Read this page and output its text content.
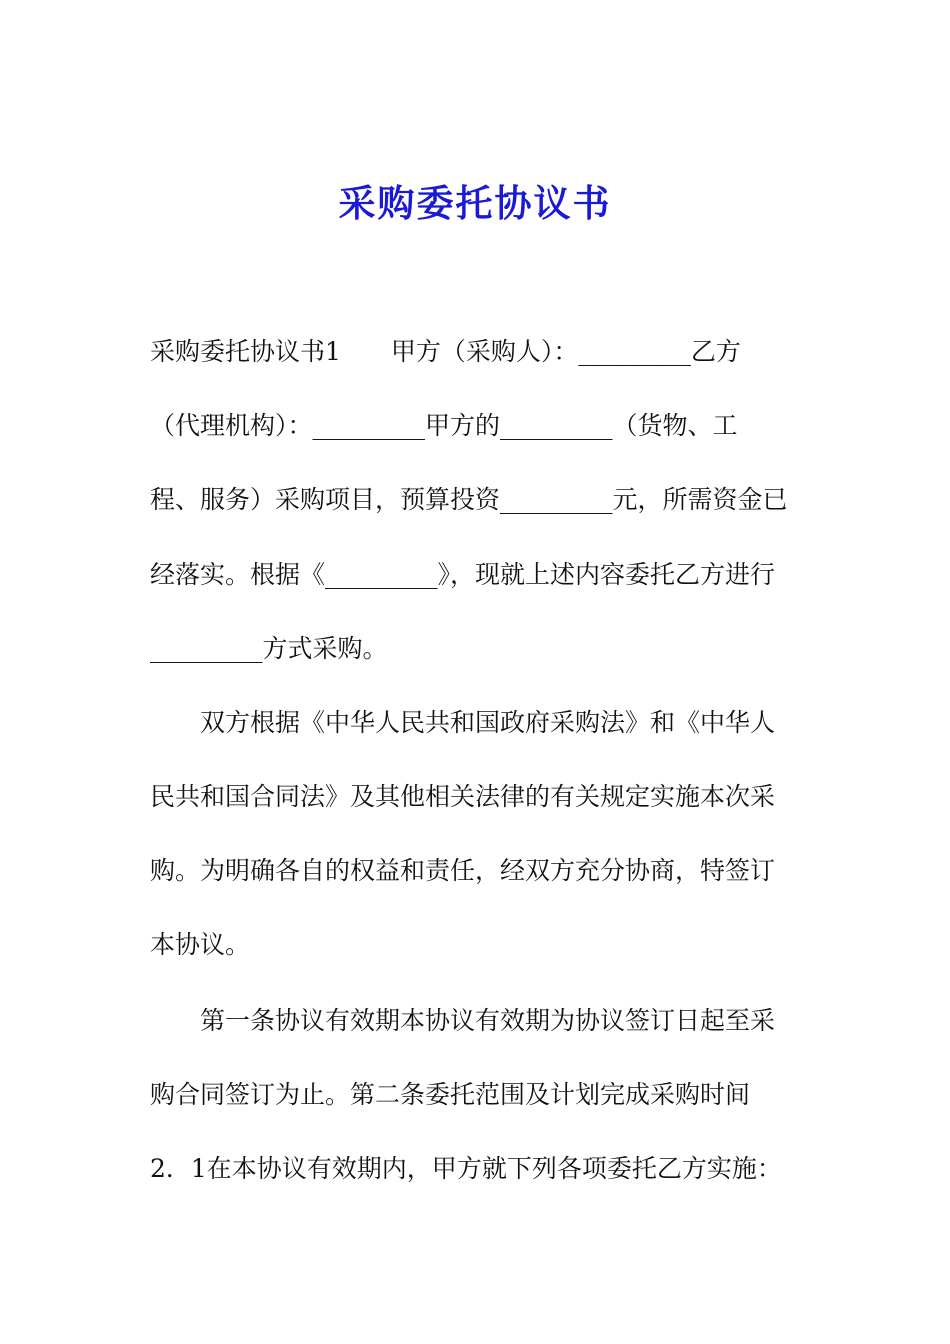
采购委托协议书
采购委托协议书1　　甲方（采购人）：_________乙方
（代理机构）：_________甲方的_________（货物、工
程、服务）采购项目，预算投资_________元，所需资金已
经落实。根据《_________》，现就上述内容委托乙方进行
_________方式采购。
双方根据《中华人民共和国政府采购法》和《中华人
民共和国合同法》及其他相关法律的有关规定实施本次采
购。为明确各自的权益和责任，经双方充分协商，特签订
本协议。
第一条协议有效期本协议有效期为协议签订日起至采
购合同签订为止。第二条委托范围及计划完成采购时间
2．1在本协议有效期内，甲方就下列各项委托乙方实施：
